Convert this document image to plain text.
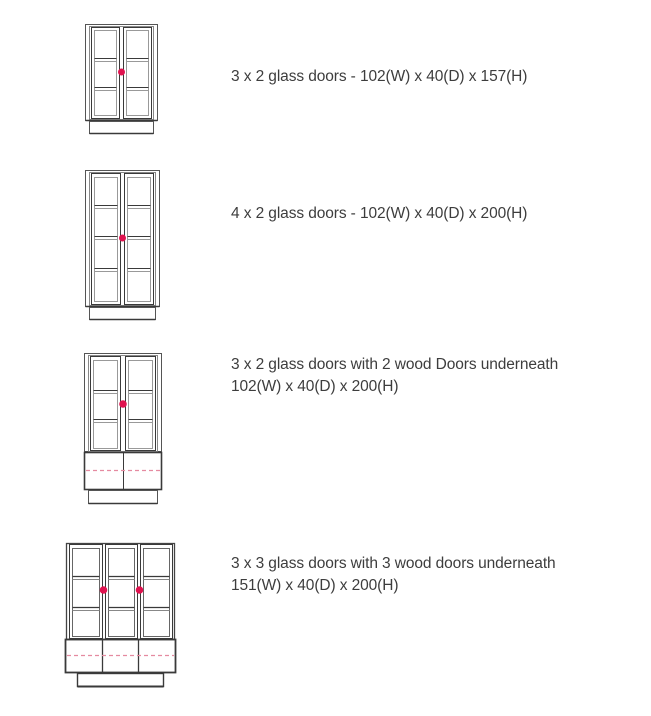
3 x 2 glass doors - 102(W) x 40(D) x 157(H)
4 x 2 glass doors - 102(W) x 40(D) x 200(H)
3 x 2 glass doors with 2 wood Doors underneath
102(W) x 40(D) x 200(H)
3 x 3 glass doors with 3 wood doors underneath
151(W) x 40(D) x 200(H)
